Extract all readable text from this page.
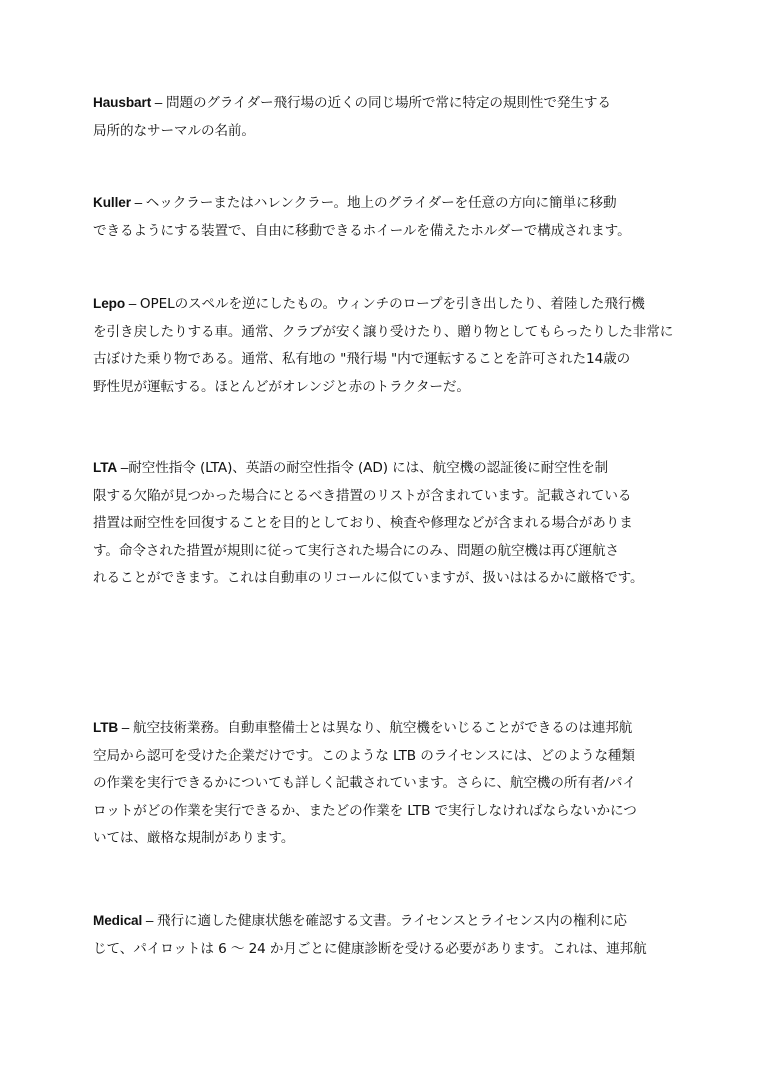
Hausbart – 問題のグライダー飛行場の近くの同じ場所で常に特定の規則性で発生する
局所的なサーマルの名前。
Kuller – ヘックラーまたはハレンクラー。地上のグライダーを任意の方向に簡単に移動
できるようにする装置で、自由に移動できるホイールを備えたホルダーで構成されます。
Lepo – OPELのスペルを逆にしたもの。ウィンチのロープを引き出したり、着陸した飛行機
を引き戻したりする車。通常、クラブが安く譲り受けたり、贈り物としてもらったりした非常に
古ぼけた乗り物である。通常、私有地の "飛行場 "内で運転することを許可された14歳の
野性児が運転する。ほとんどがオレンジと赤のトラクターだ。
LTA –耐空性指令 (LTA)、英語の耐空性指令 (AD) には、航空機の認証後に耐空性を制
限する欠陥が見つかった場合にとるべき措置のリストが含まれています。記載されている
措置は耐空性を回復することを目的としており、検査や修理などが含まれる場合がありま
す。命令された措置が規則に従って実行された場合にのみ、問題の航空機は再び運航さ
れることができます。これは自動車のリコールに似ていますが、扱いははるかに厳格です。
LTB – 航空技術業務。自動車整備士とは異なり、航空機をいじることができるのは連邦航
空局から認可を受けた企業だけです。このような LTB のライセンスには、どのような種類
の作業を実行できるかについても詳しく記載されています。さらに、航空機の所有者/パイ
ロットがどの作業を実行できるか、またどの作業を LTB で実行しなければならないかにつ
いては、厳格な規制があります。
Medical – 飛行に適した健康状態を確認する文書。ライセンスとライセンス内の権利に応
じて、パイロットは 6 ～ 24 か月ごとに健康診断を受ける必要があります。これは、連邦航
